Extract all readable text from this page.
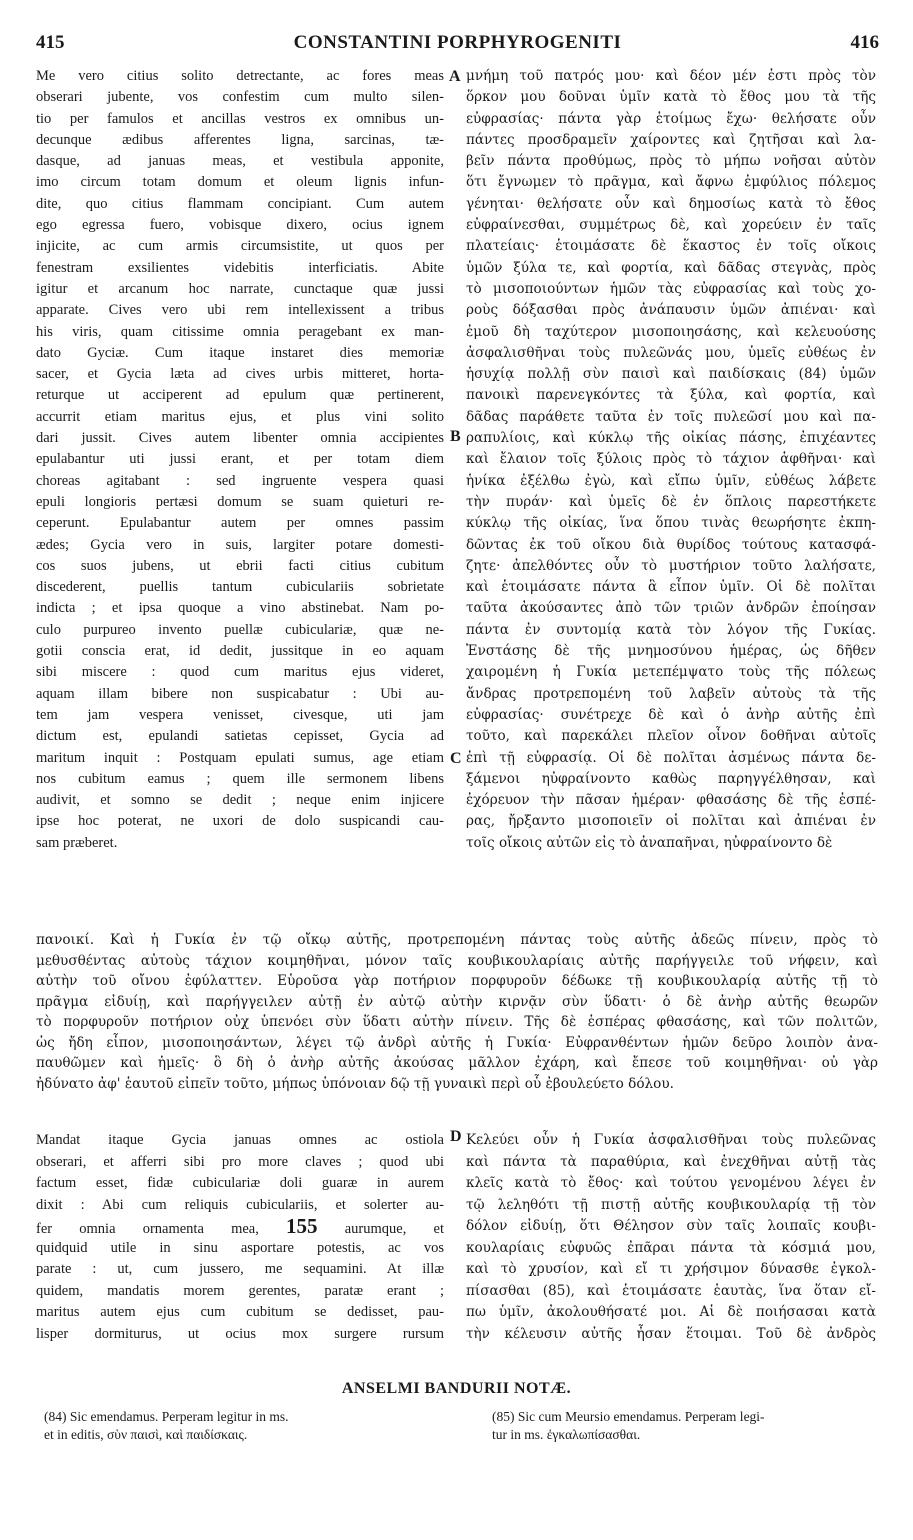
415	CONSTANTINI PORPHYROGENITI	416
A
B
C
D
Me vero citius solito detrectante, ac fores meas
obserari jubente, vos confestim cum multo silen-
tio per famulos et ancillas vestros ex omnibus un-
decunque ædibus afferentes ligna, sarcinas, tæ-
dasque, ad januas meas, et vestibula apponite,
imo circum totam domum et oleum lignis infun-
dite, quo citius flammam concipiant. Cum autem
ego egressa fuero, vobisque dixero, ocius ignem
injicite, ac cum armis circumsistite, ut quos per
fenestram exsilientes videbitis interficiatis. Abite
igitur et arcanum hoc narrate, cunctaque quæ jussi
apparate. Cives vero ubi rem intellexissent a tribus
his viris, quam citissime omnia peragebant ex man-
dato Gyciæ. Cum itaque instaret dies memoriæ
sacer, et Gycia læta ad cives urbis mitteret, horta-
returque ut acciperent ad epulum quæ pertinerent,
accurrit etiam maritus ejus, et plus vini solito
dari jussit. Cives autem libenter omnia accipientes
epulabantur uti jussi erant, et per totam diem
choreas agitabant : sed ingruente vespera quasi
epuli longioris pertæsi domum se suam quieturi re-
ceperunt. Epulabantur autem per omnes passim
ædes; Gycia vero in suis, largiter potare domesti-
cos suos jubens, ut ebrii facti citius cubitum
discederent, puellis tantum cubiculariis sobrietate
indicta ; et ipsa quoque a vino abstinebat. Nam po-
culo purpureo invento puellæ cubiculariæ, quæ ne-
gotii conscia erat, id dedit, jussitque in eo aquam
sibi miscere : quod cum maritus ejus videret,
aquam illam bibere non suspicabatur : Ubi au-
tem jam vespera venisset, civesque, uti jam
dictum est, epulandi satietas cepisset, Gycia ad
maritum inquit : Postquam epulati sumus, age etiam
nos cubitum eamus ; quem ille sermonem libens
audivit, et somno se dedit ; neque enim injicere
ipse hoc poterat, ne uxori de dolo suspicandi cau-
sam præberet.
μνήμη τοῦ πατρός μου· καὶ δέον μέν ἐστι πρὸς τὸν
ὅρκον μου δοῦναι ὑμῖν κατὰ τὸ ἔθος μου τὰ τῆς
εὐφρασίας· πάντα γὰρ ἑτοίμως ἔχω· θελήσατε οὖν
πάντες προσδραμεῖν χαίροντες καὶ ζητῆσαι καὶ λα-
βεῖν πάντα προθύμως, πρὸς τὸ μήπω νοῆσαι αὐτὸν
ὅτι ἔγνωμεν τὸ πρᾶγμα, καὶ ἄφνω ἐμφύλιος πόλεμος
γένηται· θελήσατε οὖν καὶ δημοσίως κατὰ τὸ ἔθος
εὐφραίνεσθαι, συμμέτρως δὲ, καὶ χορεύειν ἐν ταῖς
πλατείαις· ἑτοιμάσατε δὲ ἕκαστος ἐν τοῖς οἴκοις
ὑμῶν ξύλα τε, καὶ φορτία, καὶ δᾶδας στεγνὰς, πρὸς
τὸ μισοποιούντων ἡμῶν τὰς εὐφρασίας καὶ τοὺς χο-
ροὺς δόξασθαι πρὸς ἀνάπαυσιν ὑμῶν ἀπιέναι· καὶ
ἐμοῦ δὴ ταχύτερον μισοποιησάσης, καὶ κελευούσης
ἀσφαλισθῆναι τοὺς πυλεῶνάς μου, ὑμεῖς εὐθέως ἐν
ἡσυχίᾳ πολλῇ σὺν παισὶ καὶ παιδίσκαις (84) ὑμῶν
πανοικὶ παρενεγκόντες τὰ ξύλα, καὶ φορτία, καὶ
δᾶδας παράθετε ταῦτα ἐν τοῖς πυλεῶσί μου καὶ πα-
ραπυλίοις, καὶ κύκλῳ τῆς οἰκίας πάσης, ἐπιχέαντες
καὶ ἔλαιον τοῖς ξύλοις πρὸς τὸ τάχιον ἁφθῆναι· καὶ
ἡνίκα ἐξέλθω ἐγὼ, καὶ εἴπω ὑμῖν, εὐθέως λάβετε
τὴν πυράν· καὶ ὑμεῖς δὲ ἐν ὅπλοις παρεστήκετε
κύκλῳ τῆς οἰκίας, ἵνα ὅπου τινὰς θεωρήσητε ἐκπη-
δῶντας ἐκ τοῦ οἴκου διὰ θυρίδος τούτους κατασφά-
ζητε· ἀπελθόντες οὖν τὸ μυστήριον τοῦτο λαλήσατε,
καὶ ἑτοιμάσατε πάντα ἃ εἶπον ὑμῖν. Οἱ δὲ πολῖται
ταῦτα ἀκούσαντες ἀπὸ τῶν τριῶν ἀνδρῶν ἐποίησαν
πάντα ἐν συντομίᾳ κατὰ τὸν λόγον τῆς Γυκίας.
Ἐνστάσης δὲ τῆς μνημοσύνου ἡμέρας, ὡς δῆθεν
χαιρομένη ἡ Γυκία μετεπέμψατο τοὺς τῆς πόλεως
ἄνδρας προτρεπομένη τοῦ λαβεῖν αὐτοὺς τὰ τῆς
εὐφρασίας· συνέτρεχε δὲ καὶ ὁ ἀνὴρ αὐτῆς ἐπὶ
τοῦτο, καὶ παρεκάλει πλεῖον οἶνον δοθῆναι αὐτοῖς
ἐπὶ τῇ εὐφρασίᾳ. Οἱ δὲ πολῖται ἀσμένως πάντα δε-
ξάμενοι ηὐφραίνοντο καθὼς παρηγγέλθησαν, καὶ
ἐχόρευον τὴν πᾶσαν ἡμέραν· φθασάσης δὲ τῆς ἑσπέ-
ρας, ἤρξαντο μισοποιεῖν οἱ πολῖται καὶ ἀπιέναι ἐν
τοῖς οἴκοις αὐτῶν εἰς τὸ ἀναπαῆναι, ηὐφραίνοντο δὲ
πανοικί. Καὶ ἡ Γυκία ἐν τῷ οἴκῳ αὐτῆς, προτρεπομένη πάντας τοὺς αὐτῆς ἀδεῶς πίνειν, πρὸς τὸ
μεθυσθέντας αὐτοὺς τάχιον κοιμηθῆναι, μόνον ταῖς κουβικουλαρίαις αὐτῆς παρήγγειλε τοῦ νήφειν, καὶ
αὐτὴν τοῦ οἴνου ἐφύλαττεν. Εὑροῦσα γὰρ ποτήριον πορφυροῦν δέδωκε τῇ κουβικουλαρίᾳ αὐτῆς τῇ τὸ
πρᾶγμα εἰδυίῃ, καὶ παρήγγειλεν αὐτῇ ἐν αὐτῷ αὐτὴν κιρνᾷν σὺν ὕδατι· ὁ δὲ ἀνὴρ αὐτῆς θεωρῶν
τὸ πορφυροῦν ποτήριον οὐχ ὑπενόει σὺν ὕδατι αὐτὴν πίνειν. Τῆς δὲ ἑσπέρας φθασάσης, καὶ τῶν πολιτῶν,
ὡς ἤδη εἶπον, μισοποιησάντων, λέγει τῷ ἀνδρὶ αὐτῆς ἡ Γυκία· Εὐφρανθέντων ἡμῶν δεῦρο λοιπὸν ἀνα-
παυθῶμεν καὶ ἡμεῖς· ὃ δὴ ὁ ἀνὴρ αὐτῆς ἀκούσας μᾶλλον ἐχάρη, καὶ ἔπεσε τοῦ κοιμηθῆναι· οὐ γὰρ
ἠδύνατο ἀφ' ἑαυτοῦ εἰπεῖν τοῦτο, μήπως ὑπόνοιαν δῷ τῇ γυναικὶ περὶ οὗ ἐβουλεύετο δόλου.
Mandat itaque Gycia januas omnes ac ostiola
obserari, et afferri sibi pro more claves ; quod ubi
factum esset, fidæ cubiculariæ doli guaræ in aurem
dixit : Abi cum reliquis cubiculariis, et solerter au-
fer omnia ornamenta mea, 155 aurumque, et
quidquid utile in sinu asportare potestis, ac vos
parate : ut, cum jussero, me sequamini. At illæ
quidem, mandatis morem gerentes, paratæ erant ;
maritus autem ejus cum cubitum se dedisset, pau-
lisper dormiturus, ut ocius mox surgere rursum
Κελεύει οὖν ἡ Γυκία ἀσφαλισθῆναι τοὺς πυλεῶνας
καὶ πάντα τὰ παραθύρια, καὶ ἐνεχθῆναι αὐτῇ τὰς
κλεῖς κατὰ τὸ ἔθος· καὶ τούτου γενομένου λέγει ἐν
τῷ λεληθότι τῇ πιστῇ αὐτῆς κουβικουλαρίᾳ τῇ τὸν
δόλον εἰδυίῃ, ὅτι Θέλησον σὺν ταῖς λοιπαῖς κουβι-
κουλαρίαις εὐφυῶς ἐπᾶραι πάντα τὰ κόσμιά μου,
καὶ τὸ χρυσίον, καὶ εἴ τι χρήσιμον δύνασθε ἐγκολ-
πίσασθαι (85), καὶ ἑτοιμάσατε ἑαυτὰς, ἵνα ὅταν εἴ-
πω ὑμῖν, ἀκολουθήσατέ μοι. Αἱ δὲ ποιήσασαι κατὰ
τὴν κέλευσιν αὐτῆς ἦσαν ἕτοιμαι. Τοῦ δὲ ἀνδρὸς
ANSELMI BANDURII NOTÆ.
(84) Sic emendamus. Perperam legitur in ms.
et in editis, σὺν παισὶ, καὶ παιδίσκαις.
(85) Sic cum Meursio emendamus. Perperam legi-
tur in ms. ἐγκαλωπίσασθαι.
